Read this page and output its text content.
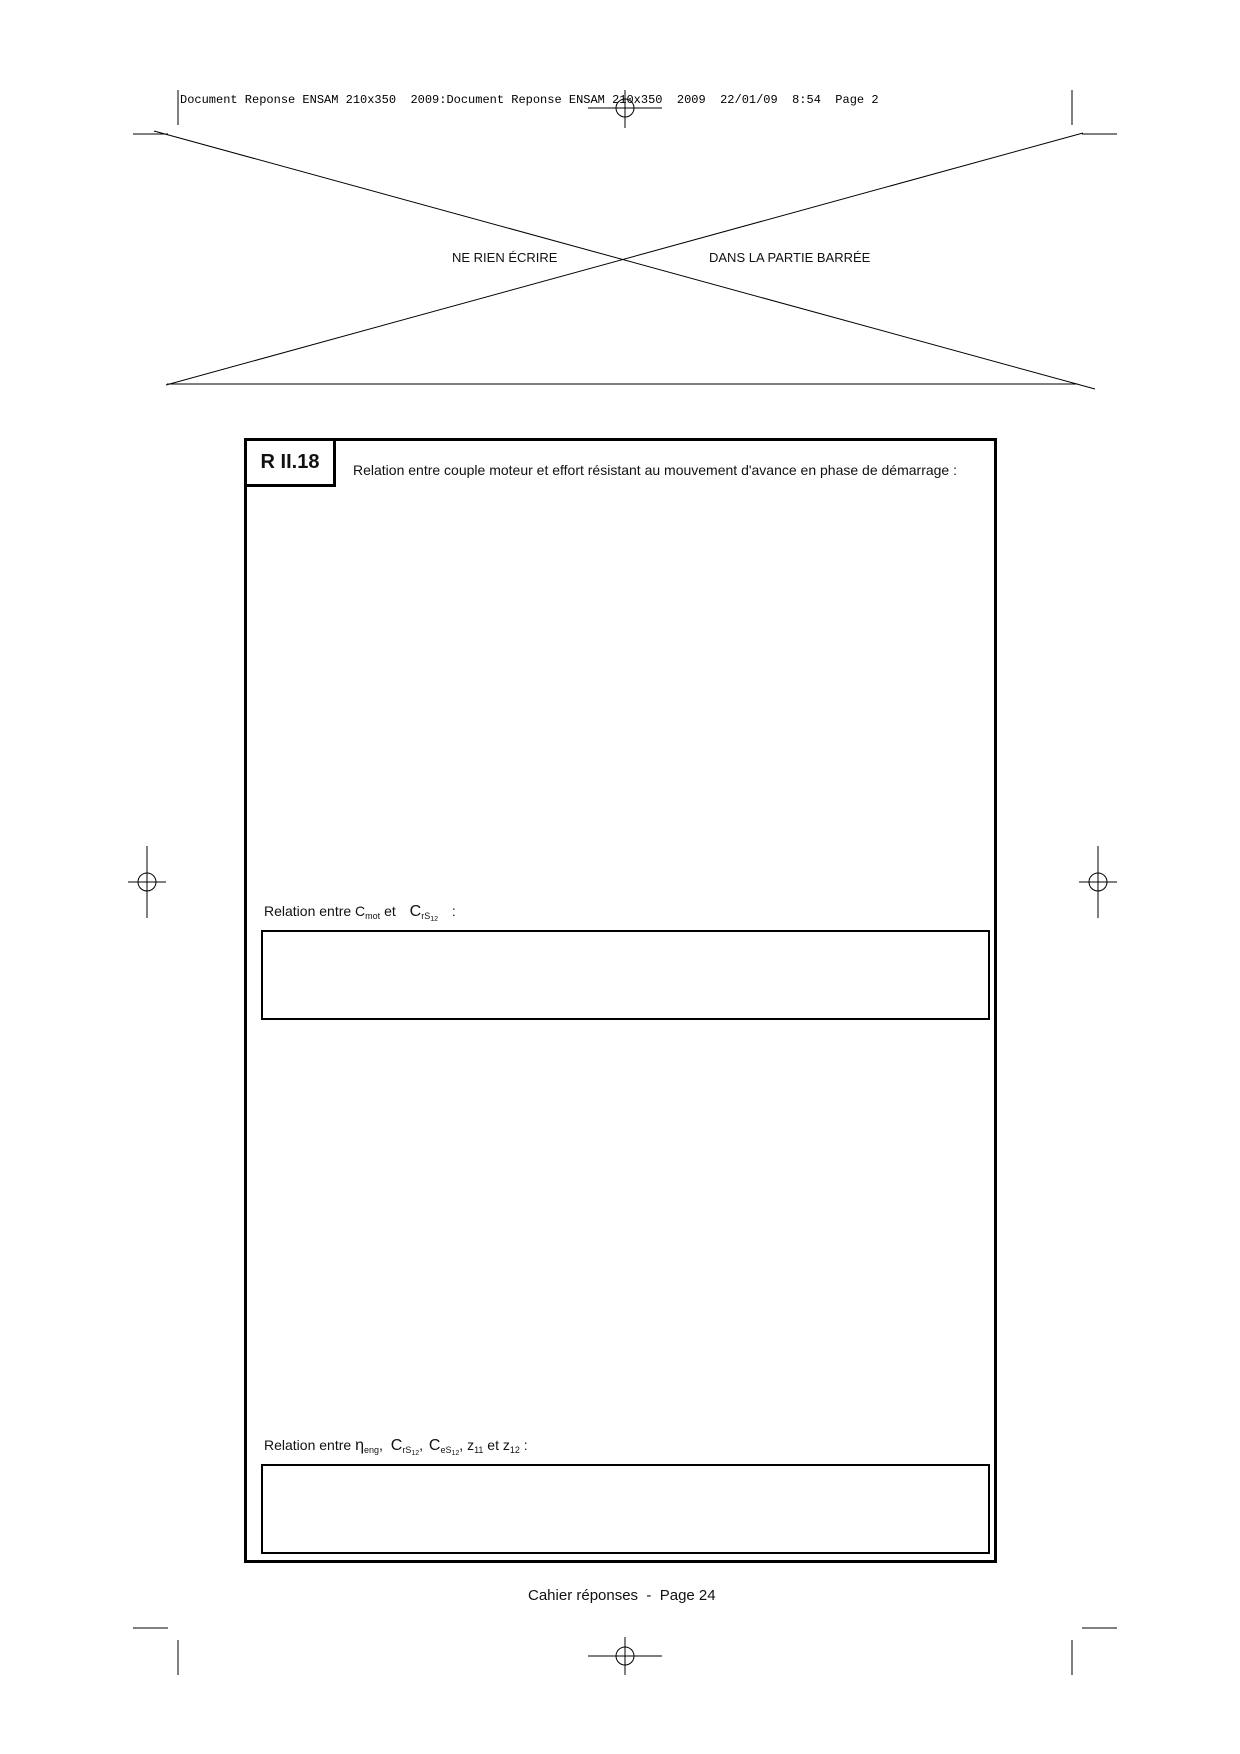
Document Reponse ENSAM 210x350  2009:Document Reponse ENSAM 210x350  2009  22/01/09  8:54  Page 2
NE RIEN ÉCRIRE	DANS LA PARTIE BARRÉE
R II.18	Relation entre couple moteur et effort résistant au mouvement d'avance en phase de démarrage :
Relation entre $C_{mot}$ et $C_{rS12}$ :
Relation entre $\eta_{eng}$, $C_{rS12}$, $C_{eS12}$, $z_{11}$ et $z_{12}$ :
Cahier réponses  -  Page 24
